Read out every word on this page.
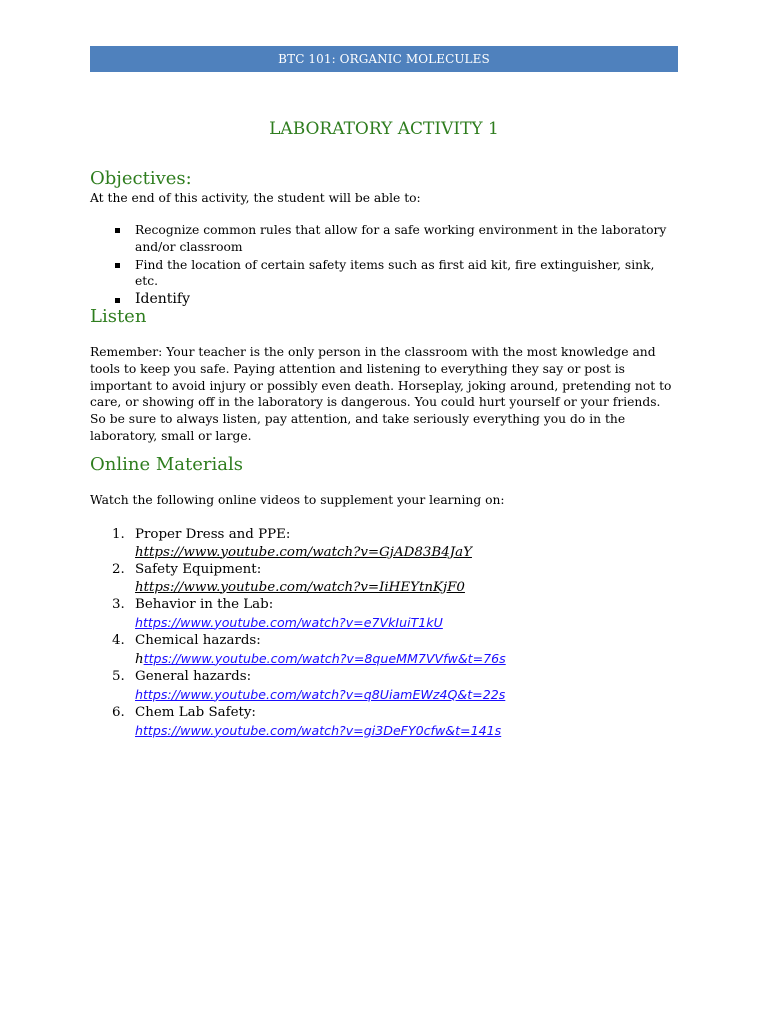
BTC 101: ORGANIC MOLECULES
LABORATORY ACTIVITY 1
Objectives:
At the end of this activity, the student will be able to:
Recognize common rules that allow for a safe working environment in the laboratory and/or classroom
Find the location of certain safety items such as first aid kit, fire extinguisher, sink, etc.
Identify
Listen
Remember: Your teacher is the only person in the classroom with the most knowledge and tools to keep you safe. Paying attention and listening to everything they say or post is important to avoid injury or possibly even death. Horseplay, joking around, pretending not to care, or showing off in the laboratory is dangerous. You could hurt yourself or your friends. So be sure to always listen, pay attention, and take seriously everything you do in the laboratory, small or large.
Online Materials
Watch the following online videos to supplement your learning on:
1. Proper Dress and PPE:
https://www.youtube.com/watch?v=GjAD83B4JaY
2. Safety Equipment:
https://www.youtube.com/watch?v=IiHEYtnKjF0
3. Behavior in the Lab:
https://www.youtube.com/watch?v=e7VkIuiT1kU
4. Chemical hazards:
https://www.youtube.com/watch?v=8queMM7VVfw&t=76s
5. General hazards:
https://www.youtube.com/watch?v=q8UiamEWz4Q&t=22s
6. Chem Lab Safety:
https://www.youtube.com/watch?v=gi3DeFY0cfw&t=141s
